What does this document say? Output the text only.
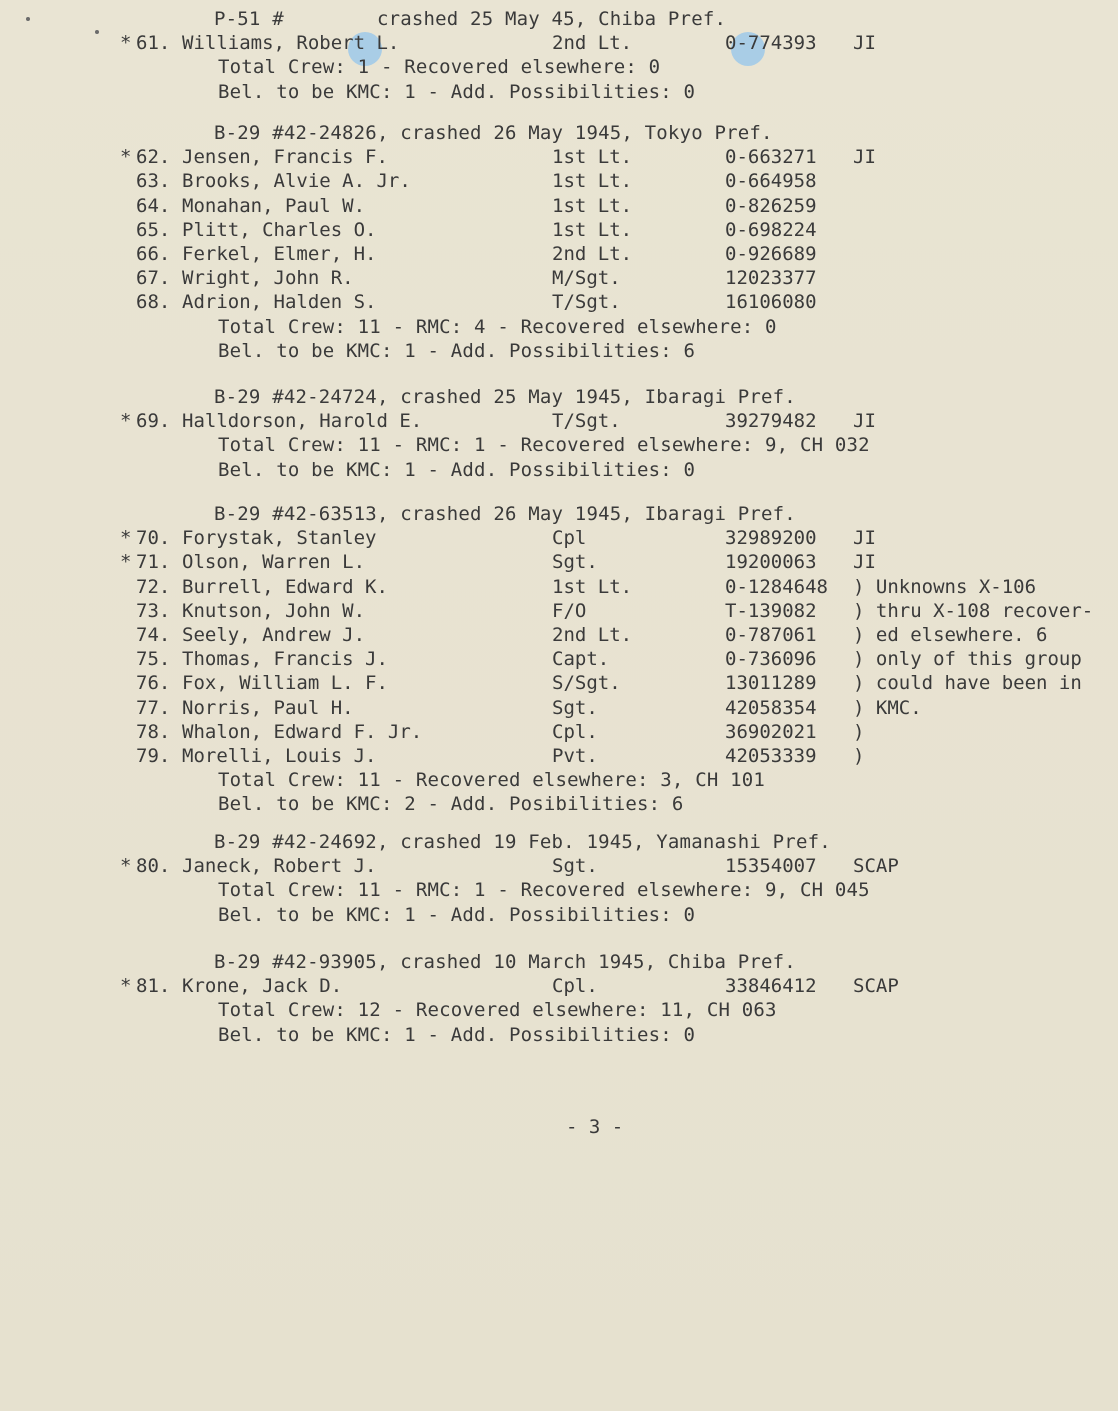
P-51 #        crashed 25 May 45, Chiba Pref.
* 61. Williams, Robert L.	2nd Lt.	0-774393 JI
Total Crew: 1 - Recovered elsewhere: 0
Bel. to be KMC: 1 - Add. Possibilities: 0
B-29 #42-24826, crashed 26 May 1945, Tokyo Pref.
* 62. Jensen, Francis F.	1st Lt.	0-663271 JI
63. Brooks, Alvie A. Jr.	1st Lt.	0-664958
64. Monahan, Paul W.	1st Lt.	0-826259
65. Plitt, Charles O.	1st Lt.	0-698224
66. Ferkel, Elmer, H.	2nd Lt.	0-926689
67. Wright, John R.	M/Sgt.	12023377
68. Adrion, Halden S.	T/Sgt.	16106080
Total Crew: 11 - RMC: 4 - Recovered elsewhere: 0
Bel. to be KMC: 1 - Add. Possibilities: 6
B-29 #42-24724, crashed 25 May 1945, Ibaragi Pref.
* 69. Halldorson, Harold E.	T/Sgt.	39279482 JI
Total Crew: 11 - RMC: 1 - Recovered elsewhere: 9, CH 032
Bel. to be KMC: 1 - Add. Possibilities: 0
B-29 #42-63513, crashed 26 May 1945, Ibaragi Pref.
* 70. Forystak, Stanley	Cpl	32989200 JI
* 71. Olson, Warren L.	Sgt.	19200063 JI
72. Burrell, Edward K.	1st Lt.	0-1284648 ) Unknowns X-106
73. Knutson, John W.	F/O	T-139082 ) thru X-108 recover-
74. Seely, Andrew J.	2nd Lt.	0-787061 ) ed elsewhere. 6
75. Thomas, Francis J.	Capt.	0-736096 ) only of this group
76. Fox, William L. F.	S/Sgt.	13011289 ) could have been in
77. Norris, Paul H.	Sgt.	42058354 ) KMC.
78. Whalon, Edward F. Jr.	Cpl.	36902021 )
79. Morelli, Louis J.	Pvt.	42053339 )
Total Crew: 11 - Recovered elsewhere: 3, CH 101
Bel. to be KMC: 2 - Add. Posibilities: 6
B-29 #42-24692, crashed 19 Feb. 1945, Yamanashi Pref.
* 80. Janeck, Robert J.	Sgt.	15354007 SCAP
Total Crew: 11 - RMC: 1 - Recovered elsewhere: 9, CH 045
Bel. to be KMC: 1 - Add. Possibilities: 0
B-29 #42-93905, crashed 10 March 1945, Chiba Pref.
* 81. Krone, Jack D.	Cpl.	33846412 SCAP
Total Crew: 12 - Recovered elsewhere: 11, CH 063
Bel. to be KMC: 1 - Add. Possibilities: 0
- 3 -
